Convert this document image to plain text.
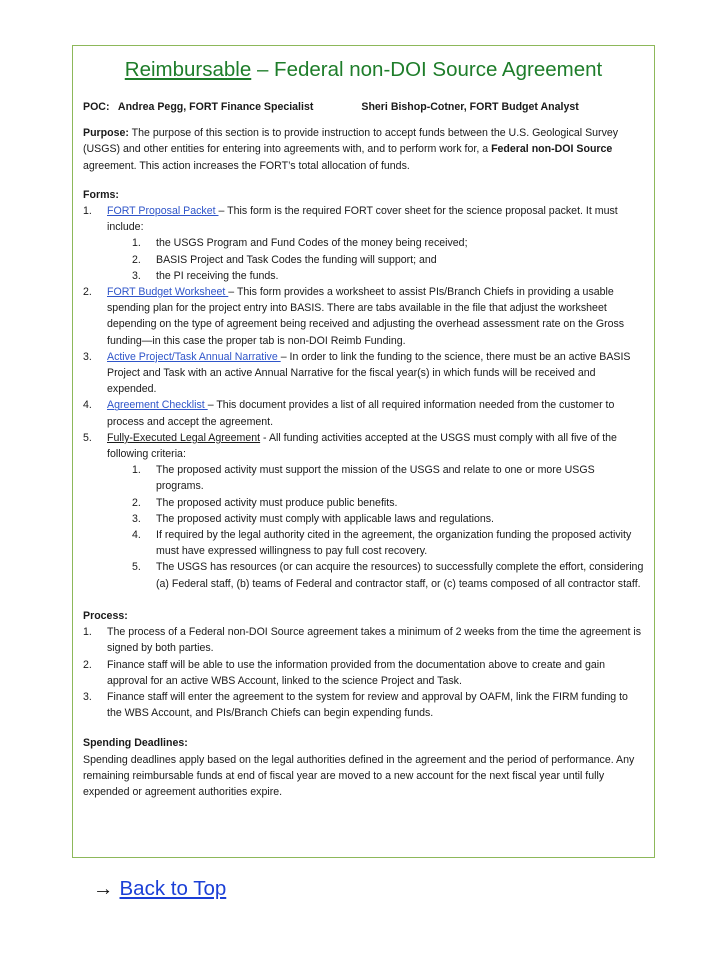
Reimbursable – Federal non-DOI Source Agreement
POC: Andrea Pegg, FORT Finance Specialist	Sheri Bishop-Cotner, FORT Budget Analyst
Purpose: The purpose of this section is to provide instruction to accept funds between the U.S. Geological Survey (USGS) and other entities for entering into agreements with, and to perform work for, a Federal non-DOI Source agreement. This action increases the FORT’s total allocation of funds.
Forms:
1. FORT Proposal Packet – This form is the required FORT cover sheet for the science proposal packet. It must include:
1. the USGS Program and Fund Codes of the money being received;
2. BASIS Project and Task Codes the funding will support; and
3. the PI receiving the funds.
2. FORT Budget Worksheet – This form provides a worksheet to assist PIs/Branch Chiefs in providing a usable spending plan for the project entry into BASIS. There are tabs available in the file that adjust the worksheet depending on the type of agreement being received and adjusting the overhead assessment rate on the Gross funding—in this case the proper tab is non-DOI Reimb Funding.
3. Active Project/Task Annual Narrative – In order to link the funding to the science, there must be an active BASIS Project and Task with an active Annual Narrative for the fiscal year(s) in which funds will be received and expended.
4. Agreement Checklist – This document provides a list of all required information needed from the customer to process and accept the agreement.
5. Fully-Executed Legal Agreement - All funding activities accepted at the USGS must comply with all five of the following criteria:
1. The proposed activity must support the mission of the USGS and relate to one or more USGS programs.
2. The proposed activity must produce public benefits.
3. The proposed activity must comply with applicable laws and regulations.
4. If required by the legal authority cited in the agreement, the organization funding the proposed activity must have expressed willingness to pay full cost recovery.
5. The USGS has resources (or can acquire the resources) to successfully complete the effort, considering (a) Federal staff, (b) teams of Federal and contractor staff, or (c) teams composed of all contractor staff.
Process:
1. The process of a Federal non-DOI Source agreement takes a minimum of 2 weeks from the time the agreement is signed by both parties.
2. Finance staff will be able to use the information provided from the documentation above to create and gain approval for an active WBS Account, linked to the science Project and Task.
3. Finance staff will enter the agreement to the system for review and approval by OAFM, link the FIRM funding to the WBS Account, and PIs/Branch Chiefs can begin expending funds.
Spending Deadlines:
Spending deadlines apply based on the legal authorities defined in the agreement and the period of performance. Any remaining reimbursable funds at end of fiscal year are moved to a new account for the next fiscal year until fully expended or agreement authorities expire.
→ Back to Top
